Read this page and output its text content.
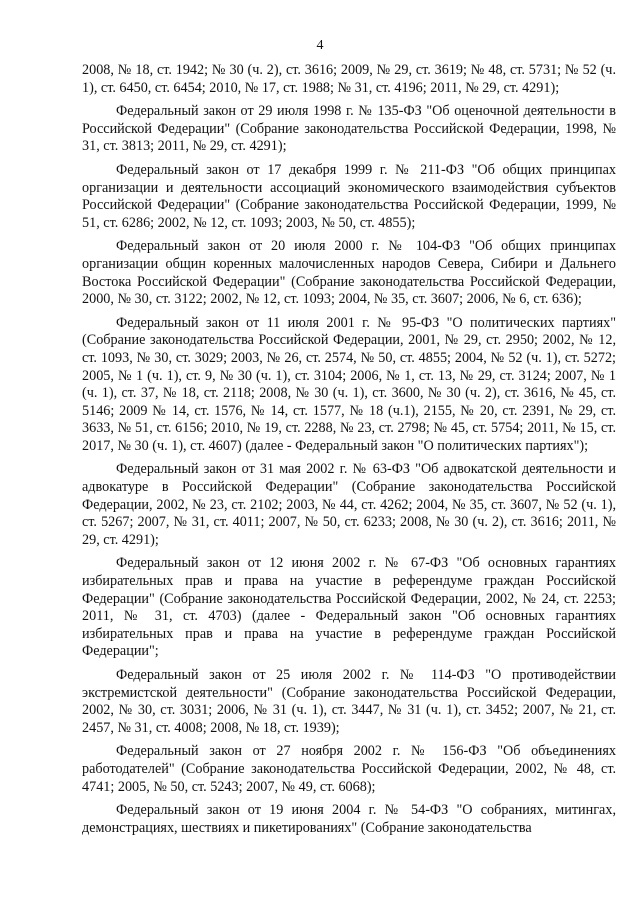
4

2008, № 18, ст. 1942; № 30 (ч. 2), ст. 3616; 2009, № 29, ст. 3619; № 48, ст. 5731; № 52 (ч. 1), ст. 6450, ст. 6454; 2010, № 17, ст. 1988; № 31, ст. 4196; 2011, № 29, ст. 4291);

Федеральный закон от 29 июля 1998 г. № 135-ФЗ "Об оценочной деятельности в Российской Федерации" (Собрание законодательства Российской Федерации, 1998, № 31, ст. 3813; 2011, № 29, ст. 4291);

Федеральный закон от 17 декабря 1999 г. № 211-ФЗ "Об общих принципах организации и деятельности ассоциаций экономического взаимодействия субъектов Российской Федерации" (Собрание законодательства Российской Федерации, 1999, № 51, ст. 6286; 2002, № 12, ст. 1093; 2003, № 50, ст. 4855);

Федеральный закон от 20 июля 2000 г. № 104-ФЗ "Об общих принципах организации общин коренных малочисленных народов Севера, Сибири и Дальнего Востока Российской Федерации" (Собрание законодательства Российской Федерации, 2000, № 30, ст. 3122; 2002, № 12, ст. 1093; 2004, № 35, ст. 3607; 2006, № 6, ст. 636);

Федеральный закон от 11 июля 2001 г. № 95-ФЗ "О политических партиях" (Собрание законодательства Российской Федерации, 2001, № 29, ст. 2950; 2002, № 12, ст. 1093, № 30, ст. 3029; 2003, № 26, ст. 2574, № 50, ст. 4855; 2004, № 52 (ч. 1), ст. 5272; 2005, № 1 (ч. 1), ст. 9, № 30 (ч. 1), ст. 3104; 2006, № 1, ст. 13, № 29, ст. 3124; 2007, № 1 (ч. 1), ст. 37, № 18, ст. 2118; 2008, № 30 (ч. 1), ст. 3600, № 30 (ч. 2), ст. 3616, № 45, ст. 5146; 2009 № 14, ст. 1576, № 14, ст. 1577, № 18 (ч.1), 2155, № 20, ст. 2391, № 29, ст. 3633, № 51, ст. 6156; 2010, № 19, ст. 2288, № 23, ст. 2798; № 45, ст. 5754; 2011, № 15, ст. 2017, № 30 (ч. 1), ст. 4607) (далее - Федеральный закон "О политических партиях");

Федеральный закон от 31 мая 2002 г. № 63-ФЗ "Об адвокатской деятельности и адвокатуре в Российской Федерации" (Собрание законодательства Российской Федерации, 2002, № 23, ст. 2102; 2003, № 44, ст. 4262; 2004, № 35, ст. 3607, № 52 (ч. 1), ст. 5267; 2007, № 31, ст. 4011; 2007, № 50, ст. 6233; 2008, № 30 (ч. 2), ст. 3616; 2011, № 29, ст. 4291);

Федеральный закон от 12 июня 2002 г. № 67-ФЗ "Об основных гарантиях избирательных прав и права на участие в референдуме граждан Российской Федерации" (Собрание законодательства Российской Федерации, 2002, № 24, ст. 2253; 2011, № 31, ст. 4703) (далее - Федеральный закон "Об основных гарантиях избирательных прав и права на участие в референдуме граждан Российской Федерации";

Федеральный закон от 25 июля 2002 г. № 114-ФЗ "О противодействии экстремистской деятельности" (Собрание законодательства Российской Федерации, 2002, № 30, ст. 3031; 2006, № 31 (ч. 1), ст. 3447, № 31 (ч. 1), ст. 3452; 2007, № 21, ст. 2457, № 31, ст. 4008; 2008, № 18, ст. 1939);

Федеральный закон от 27 ноября 2002 г. № 156-ФЗ "Об объединениях работодателей" (Собрание законодательства Российской Федерации, 2002, № 48, ст. 4741; 2005, № 50, ст. 5243; 2007, № 49, ст. 6068);

Федеральный закон от 19 июня 2004 г. № 54-ФЗ "О собраниях, митингах, демонстрациях, шествиях и пикетированиях" (Собрание законодательства
